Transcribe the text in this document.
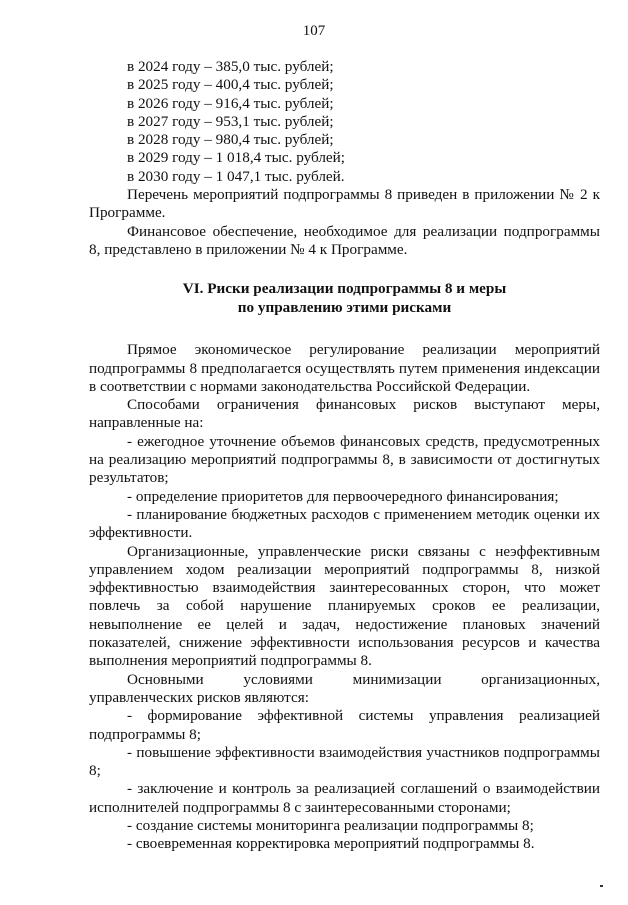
107

в 2024 году – 385,0 тыс. рублей;

в 2025 году – 400,4 тыс. рублей;

в 2026 году – 916,4 тыс. рублей;

в 2027 году – 953,1 тыс. рублей;

в 2028 году – 980,4 тыс. рублей;

в 2029 году – 1 018,4 тыс. рублей;

в 2030 году – 1 047,1 тыс. рублей.

Перечень мероприятий подпрограммы 8 приведен в приложении № 2 к Программе.

Финансовое обеспечение, необходимое для реализации подпрограммы 8, представлено в приложении № 4 к Программе.

VI. Риски реализации подпрограммы 8 и меры
по управлению этими рисками

Прямое экономическое регулирование реализации мероприятий подпрограммы 8 предполагается осуществлять путем применения индексации в соответствии с нормами законодательства Российской Федерации.

Способами ограничения финансовых рисков выступают меры, направленные на:

- ежегодное уточнение объемов финансовых средств, предусмотренных на реализацию мероприятий подпрограммы 8, в зависимости от достигнутых результатов;

- определение приоритетов для первоочередного финансирования;

- планирование бюджетных расходов с применением методик оценки их эффективности.

Организационные, управленческие риски связаны с неэффективным управлением ходом реализации мероприятий подпрограммы 8, низкой эффективностью взаимодействия заинтересованных сторон, что может повлечь за собой нарушение планируемых сроков ее реализации, невыполнение ее целей и задач, недостижение плановых значений показателей, снижение эффективности использования ресурсов и качества выполнения мероприятий подпрограммы 8.

Основными условиями минимизации организационных, управленческих рисков являются:

- формирование эффективной системы управления реализацией подпрограммы 8;

- повышение эффективности взаимодействия участников подпрограммы 8;

- заключение и контроль за реализацией соглашений о взаимодействии исполнителей подпрограммы 8 с заинтересованными сторонами;

- создание системы мониторинга реализации подпрограммы 8;

- своевременная корректировка мероприятий подпрограммы 8.
